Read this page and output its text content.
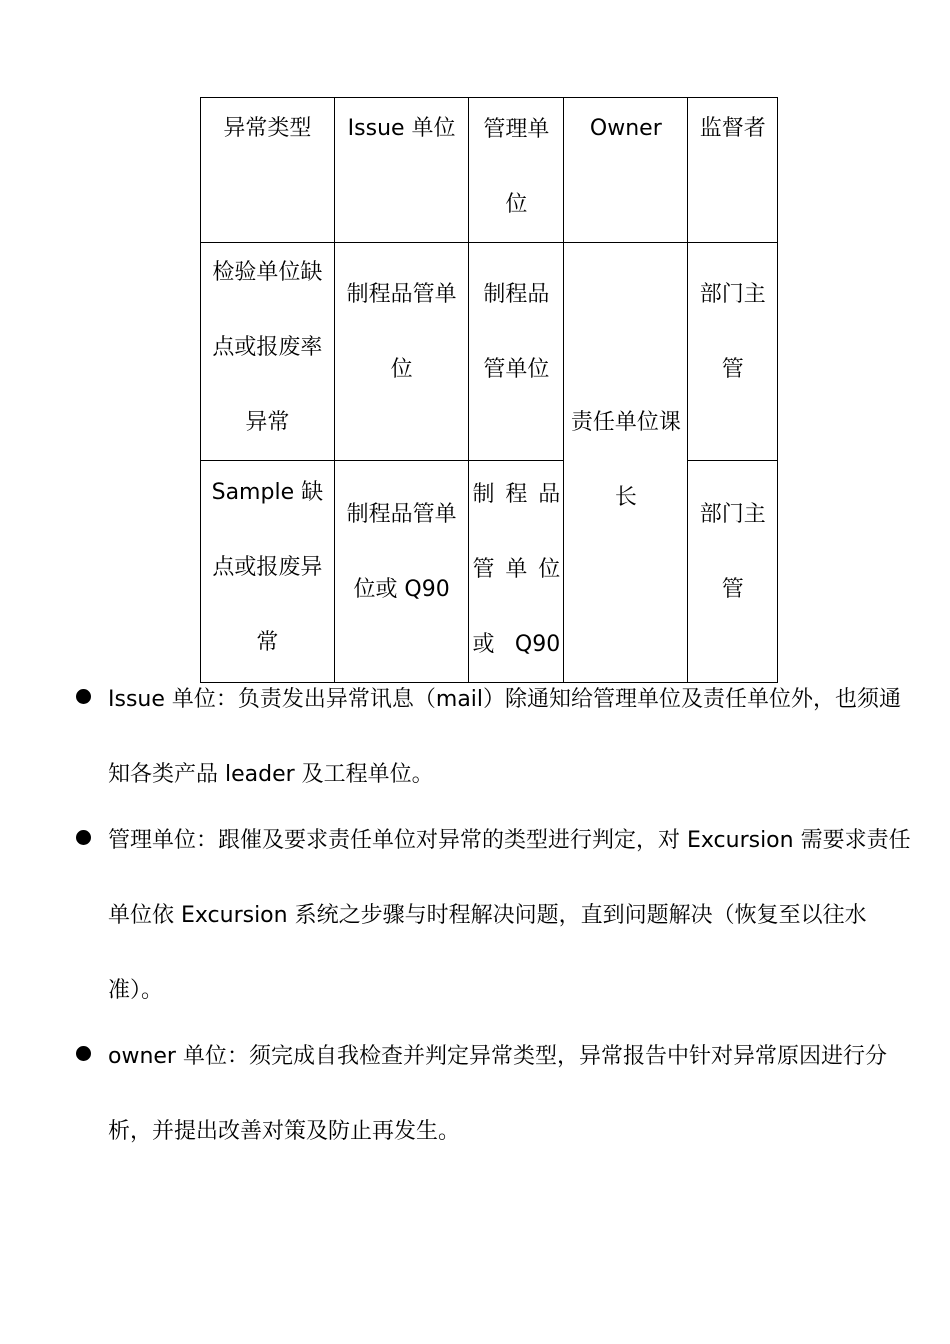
异常类型	Issue 单位	管理单位	Owner	监督者

检验单位缺点或报废率异常	制程品管单位	制程品管单位	责任单位课长	部门主管

Sample 缺点或报废异常	制程品管单位或 Q90	制程品管单位或 Q90		部门主管
Issue 单位：负责发出异常讯息（mail）除通知给管理单位及责任单位外，也须通知各类产品 leader 及工程单位。
管理单位：跟催及要求责任单位对异常的类型进行判定，对 Excursion 需要求责任单位依 Excursion 系统之步骤与时程解决问题，直到问题解决（恢复至以往水准）。
owner 单位：须完成自我检查并判定异常类型，异常报告中针对异常原因进行分析，并提出改善对策及防止再发生。
